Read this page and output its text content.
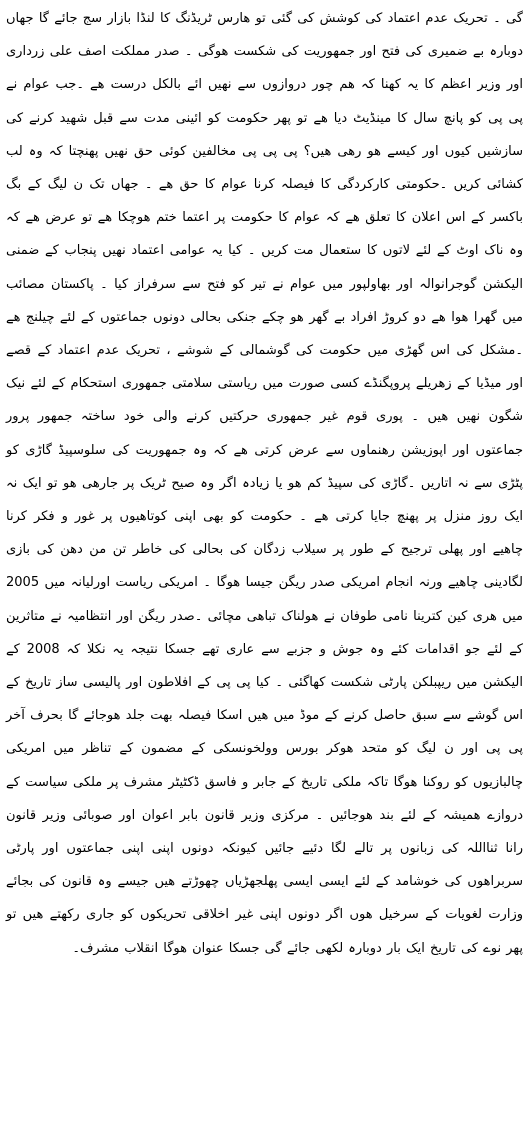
گی ۔ تحریک عدم اعتماد کی کوشش کی گئی تو ھارس ٹریڈنگ کا لنڈا بازار سج جائے گا جھاں دوبارہ بے ضمیری کی فتح اور جمھوریت کی شکست ھوگی ۔ صدر مملکت اصف علی زرداری اور وزیر اعظم کا یہ کھنا کہ ھم چور دروازوں سے نھیں ائے بالکل درست ھے ۔جب عوام نے پی پی کو پانچ سال کا مینڈیٹ دیا ھے تو پھر حکومت کو ائینی مدت سے قبل شھید کرنے کی سازشیں کیوں اور کیسے ھو رھی ھیں؟ پی پی پی مخالفین کوئی حق نھیں پھنچتا کہ وہ لب کشائی کریں ۔حکومتی کارکردگی کا فیصلہ کرنا عوام کا حق ھے ۔ جھاں تک ن لیگ کے بگ باکسر کے اس اعلان کا تعلق ھے کہ عوام کا حکومت پر اعتما ختم ھوچکا ھے تو عرض ھے کہ وہ ناک اوٹ کے لئے لاتوں کا ستعمال مت کریں ۔ کیا یہ عوامی اعتماد نھیں پنجاب کے ضمنی الیکشن گوجرانوالہ اور بھاولپور میں عوام نے تیر کو فتح سے سرفراز کیا ۔ پاکستان مصائب میں گھرا ھوا ھے دو کروڑ افراد بے گھر ھو چکے جنکی بحالی دونوں جماعتوں کے لئے چیلنج ھے ۔مشکل کی اس گھڑی میں حکومت کی گوشمالی کے شوشے ، تحریک عدم اعتماد کے قصے اور میڈیا کے زھریلے پروپگنڈے کسی صورت میں ریاستی سلامتی جمھوری استحکام کے لئے نیک شگون نھیں ھیں ۔ پوری قوم غیر جمھوری حرکتیں کرنے والی خود ساختہ جمھور پرور جماعتوں اور اپوزیشن رھنماوں سے عرض کرتی ھے کہ وہ جمھوریت کی سلوسپیڈ گاڑی کو پٹڑی سے نہ اتاریں ۔گاڑی کی سپیڈ کم ھو یا زیادہ اگر وہ صیح ٹریک پر جارھی ھو تو ایک نہ ایک روز منزل پر پھنچ جایا کرتی ھے ۔ حکومت کو بھی اپنی کوتاھیوں پر غور و فکر کرنا چاھیے اور پھلی ترجیح کے طور پر سیلاب زدگان کی بحالی کی خاطر تن من دھن کی بازی لگادینی چاھیے ورنہ انجام امریکی صدر ریگن جیسا ھوگا ۔ امریکی ریاست اورلیانہ میں 2005 میں ھری کین کترینا نامی طوفان نے ھولناک تباھی مچائی ۔صدر ریگن اور انتظامیہ نے متاثرین کے لئے جو اقدامات کئے وہ جوش و جزبے سے عاری تھے جسکا نتیجہ یہ نکلا کہ 2008 کے الیکشن میں ریپبلکن پارٹی شکست کھاگئی ۔ کیا پی پی کے افلاطون اور پالیسی ساز تاریخ کے اس گوشے سے سبق حاصل کرنے کے موڈ میں ھیں اسکا فیصلہ بھت جلد ھوجائے گا بحرف آخر پی پی اور ن لیگ کو متحد ھوکر بورس وولخونسکی کے مضمون کے تناظر میں امریکی چالبازیوں کو روکنا ھوگا تاکہ ملکی تاریخ کے جابر و فاسق ڈکٹیٹر مشرف پر ملکی سیاست کے دروازے ھمیشہ کے لئے بند ھوجائیں ۔ مرکزی وزیر قانون بابر اعوان اور صوبائی وزیر قانون رانا ثنااللہ کی زبانوں پر تالے لگا دئیے جائیں کیونکہ دونوں اپنی اپنی جماعتوں اور پارٹی سربراھوں کی خوشامد کے لئے ایسی ایسی پھلجھڑیاں چھوڑتے ھیں جیسے وہ قانون کی بجائے وزارت لغویات کے سرخیل ھوں اگر دونوں اپنی غیر اخلاقی تحریکوں کو جاری رکھتے ھیں تو پھر نوے کی تاریخ ایک بار دوبارہ لکھی جائے گی جسکا عنوان ھوگا انقلاب مشرف۔
